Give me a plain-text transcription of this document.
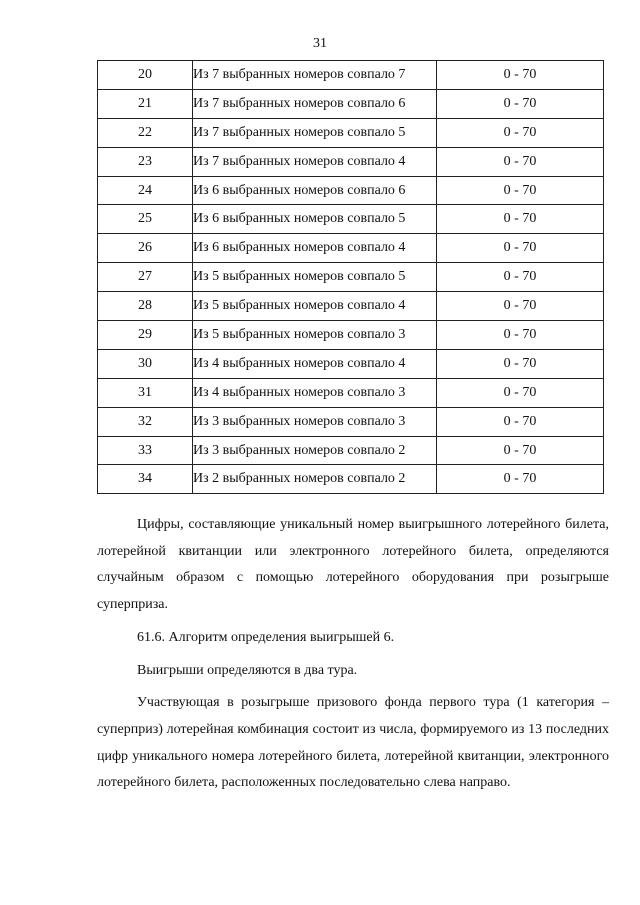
31
20	Из 7 выбранных номеров совпало 7	0 - 70
21	Из 7 выбранных номеров совпало 6	0 - 70
22	Из 7 выбранных номеров совпало 5	0 - 70
23	Из 7 выбранных номеров совпало 4	0 - 70
24	Из 6 выбранных номеров совпало 6	0 - 70
25	Из 6 выбранных номеров совпало 5	0 - 70
26	Из 6 выбранных номеров совпало 4	0 - 70
27	Из 5 выбранных номеров совпало 5	0 - 70
28	Из 5 выбранных номеров совпало 4	0 - 70
29	Из 5 выбранных номеров совпало 3	0 - 70
30	Из 4 выбранных номеров совпало 4	0 - 70
31	Из 4 выбранных номеров совпало 3	0 - 70
32	Из 3 выбранных номеров совпало 3	0 - 70
33	Из 3 выбранных номеров совпало 2	0 - 70
34	Из 2 выбранных номеров совпало 2	0 - 70

Цифры, составляющие уникальный номер выигрышного лотерейного билета, лотерейной квитанции или электронного лотерейного билета, определяются случайным образом с помощью лотерейного оборудования при розыгрыше суперприза.

61.6. Алгоритм определения выигрышей 6.

Выигрыши определяются в два тура.

Участвующая в розыгрыше призового фонда первого тура (1 категория – суперприз) лотерейная комбинация состоит из числа, формируемого из 13 последних цифр уникального номера лотерейного билета, лотерейной квитанции, электронного лотерейного билета, расположенных последовательно слева направо.
